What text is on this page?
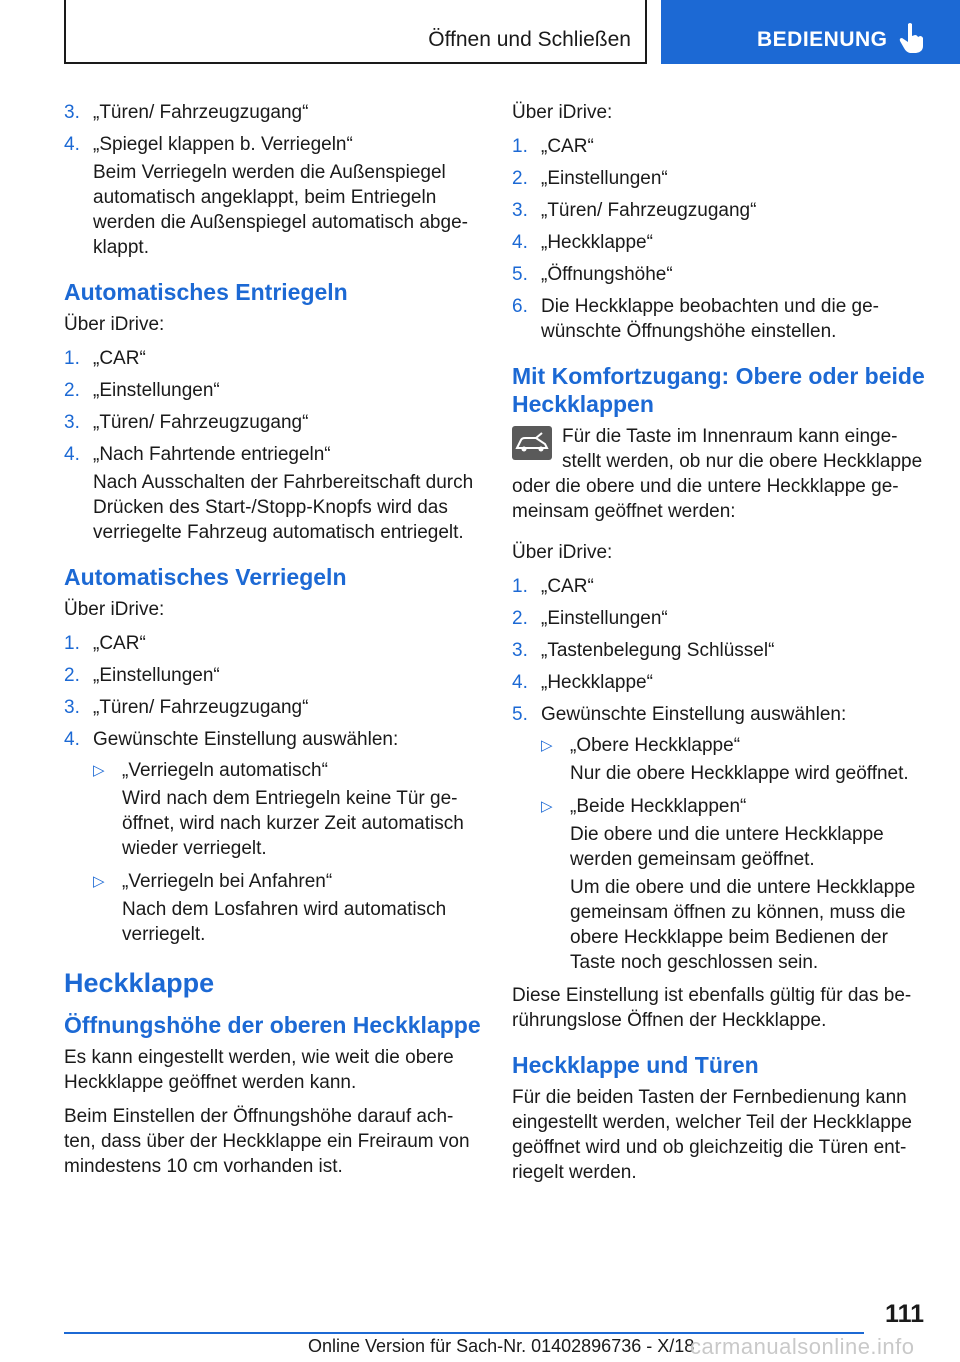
Öffnen und Schließen	BEDIENUNG
3. „Türen/ Fahrzeugzugang“
4. „Spiegel klappen b. Verriegeln“
Beim Verriegeln werden die Außenspiegel automatisch angeklappt, beim Entriegeln werden die Außenspiegel automatisch abge‐klappt.
Automatisches Entriegeln

Über iDrive:

1. „CAR“
2. „Einstellungen“
3. „Türen/ Fahrzeugzugang“
4. „Nach Fahrtende entriegeln“
Nach Ausschalten der Fahrbereitschaft durch Drücken des Start-/Stopp-Knopfs wird das verriegelte Fahrzeug automatisch entriegelt.
Automatisches Verriegeln

Über iDrive:

1. „CAR“
2. „Einstellungen“
3. „Türen/ Fahrzeugzugang“
4. Gewünschte Einstellung auswählen:
▷ „Verriegeln automatisch“
Wird nach dem Entriegeln keine Tür ge‐öffnet, wird nach kurzer Zeit automatisch wieder verriegelt.
▷ „Verriegeln bei Anfahren“
Nach dem Losfahren wird automatisch verriegelt.
Heckklappe
Öffnungshöhe der oberen Heckklappe

Es kann eingestellt werden, wie weit die obere Heckklappe geöffnet werden kann.

Beim Einstellen der Öffnungshöhe darauf ach‐ten, dass über der Heckklappe ein Freiraum von mindestens 10 cm vorhanden ist.

Über iDrive:

1. „CAR“
2. „Einstellungen“
3. „Türen/ Fahrzeugzugang“
4. „Heckklappe“
5. „Öffnungshöhe“
6. Die Heckklappe beobachten und die ge‐wünschte Öffnungshöhe einstellen.
Mit Komfortzugang: Obere oder beide Heckklappen

Für die Taste im Innenraum kann einge‐stellt werden, ob nur die obere Heckklappe oder die obere und die untere Heckklappe ge‐meinsam geöffnet werden:

Über iDrive:

1. „CAR“
2. „Einstellungen“
3. „Tastenbelegung Schlüssel“
4. „Heckklappe“
5. Gewünschte Einstellung auswählen:
▷ „Obere Heckklappe“
Nur die obere Heckklappe wird geöffnet.
▷ „Beide Heckklappen“
Die obere und die untere Heckklappe werden gemeinsam geöffnet.
Um die obere und die untere Heckklappe gemeinsam öffnen zu können, muss die obere Heckklappe beim Bedienen der Taste noch geschlossen sein.

Diese Einstellung ist ebenfalls gültig für das be‐rührungslose Öffnen der Heckklappe.

Heckklappe und Türen

Für die beiden Tasten der Fernbedienung kann eingestellt werden, welcher Teil der Heckklappe geöffnet wird und ob gleichzeitig die Türen ent‐riegelt werden.

111
Online Version für Sach-Nr. 01402896736 - X/18
carmanualsonline.info
